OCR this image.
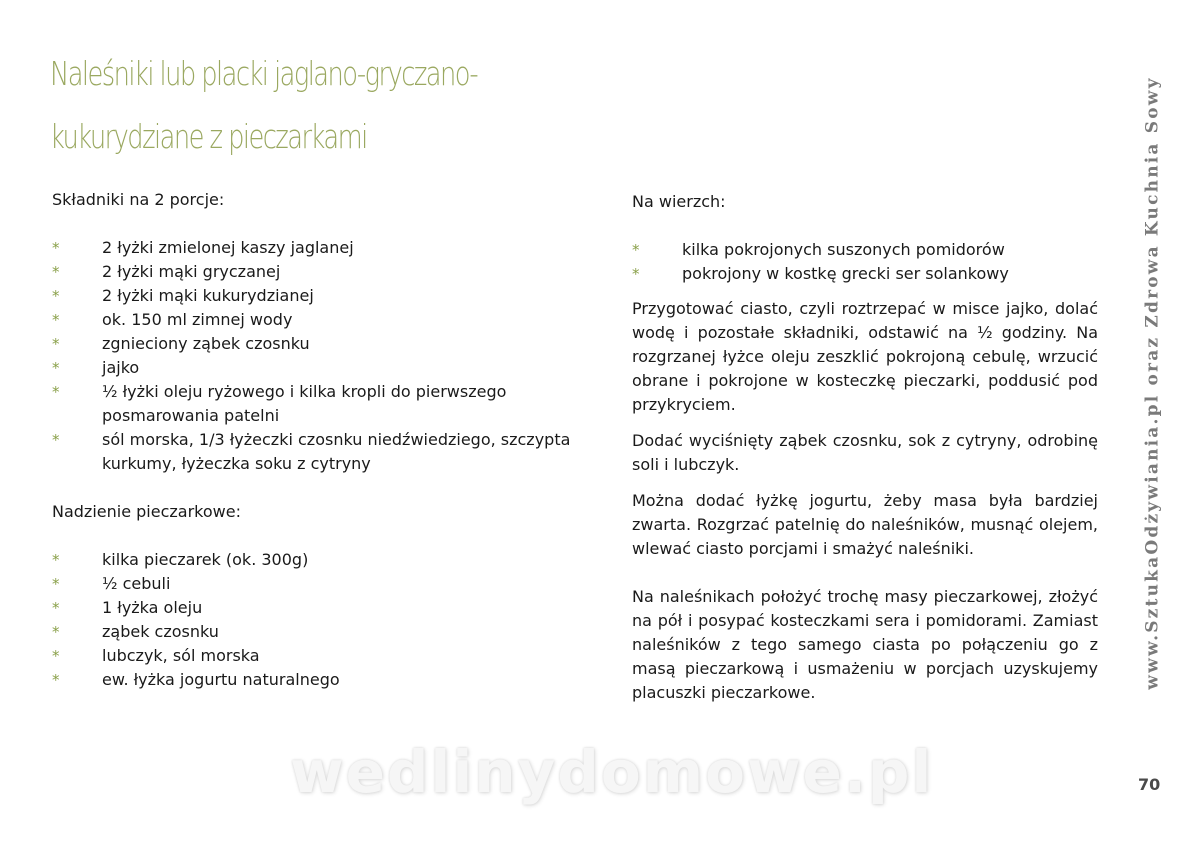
Naleśniki lub placki jaglano-gryczano-
kukurydziane z pieczarkami

Składniki na 2 porcje:

*	2 łyżki zmielonej kaszy jaglanej
*	2 łyżki mąki gryczanej
*	2 łyżki mąki kukurydzianej
*	ok. 150 ml zimnej wody
*	zgnieciony ząbek czosnku
*	jajko
*	½ łyżki oleju ryżowego i kilka kropli do pierwszego posmarowania patelni
*	sól morska, 1/3 łyżeczki czosnku niedźwiedziego, szczypta kurkumy, łyżeczka soku z cytryny

Nadzienie pieczarkowe:

*	kilka pieczarek (ok. 300g)
*	½ cebuli
*	1 łyżka oleju
*	ząbek czosnku
*	lubczyk, sól morska
*	ew. łyżka jogurtu naturalnego

Na wierzch:

*	kilka pokrojonych suszonych pomidorów
*	pokrojony w kostkę grecki ser solankowy

Przygotować ciasto, czyli roztrzepać w misce jajko, dolać wodę i pozostałe składniki, odstawić na ½ godziny. Na rozgrzanej łyżce oleju zeszklić pokrojoną cebulę, wrzucić obrane i pokrojone w kosteczkę pieczarki, poddusić pod przykryciem.

Dodać wyciśnięty ząbek czosnku, sok z cytryny, odrobinę soli i lubczyk.

Można dodać łyżkę jogurtu, żeby masa była bardziej zwarta. Rozgrzać patelnię do naleśników, musnąć olejem, wlewać ciasto porcjami i smażyć naleśniki.

Na naleśnikach położyć trochę masy pieczarkowej, złożyć na pół i posypać kosteczkami sera i pomidorami. Zamiast naleśników z tego samego ciasta po połączeniu go z masą pieczarkową i usmażeniu w porcjach uzyskujemy placuszki pieczarkowe.

www.SztukaOdżywiania.pl oraz Zdrowa Kuchnia Sowy
70
wedlinydomowe.pl
